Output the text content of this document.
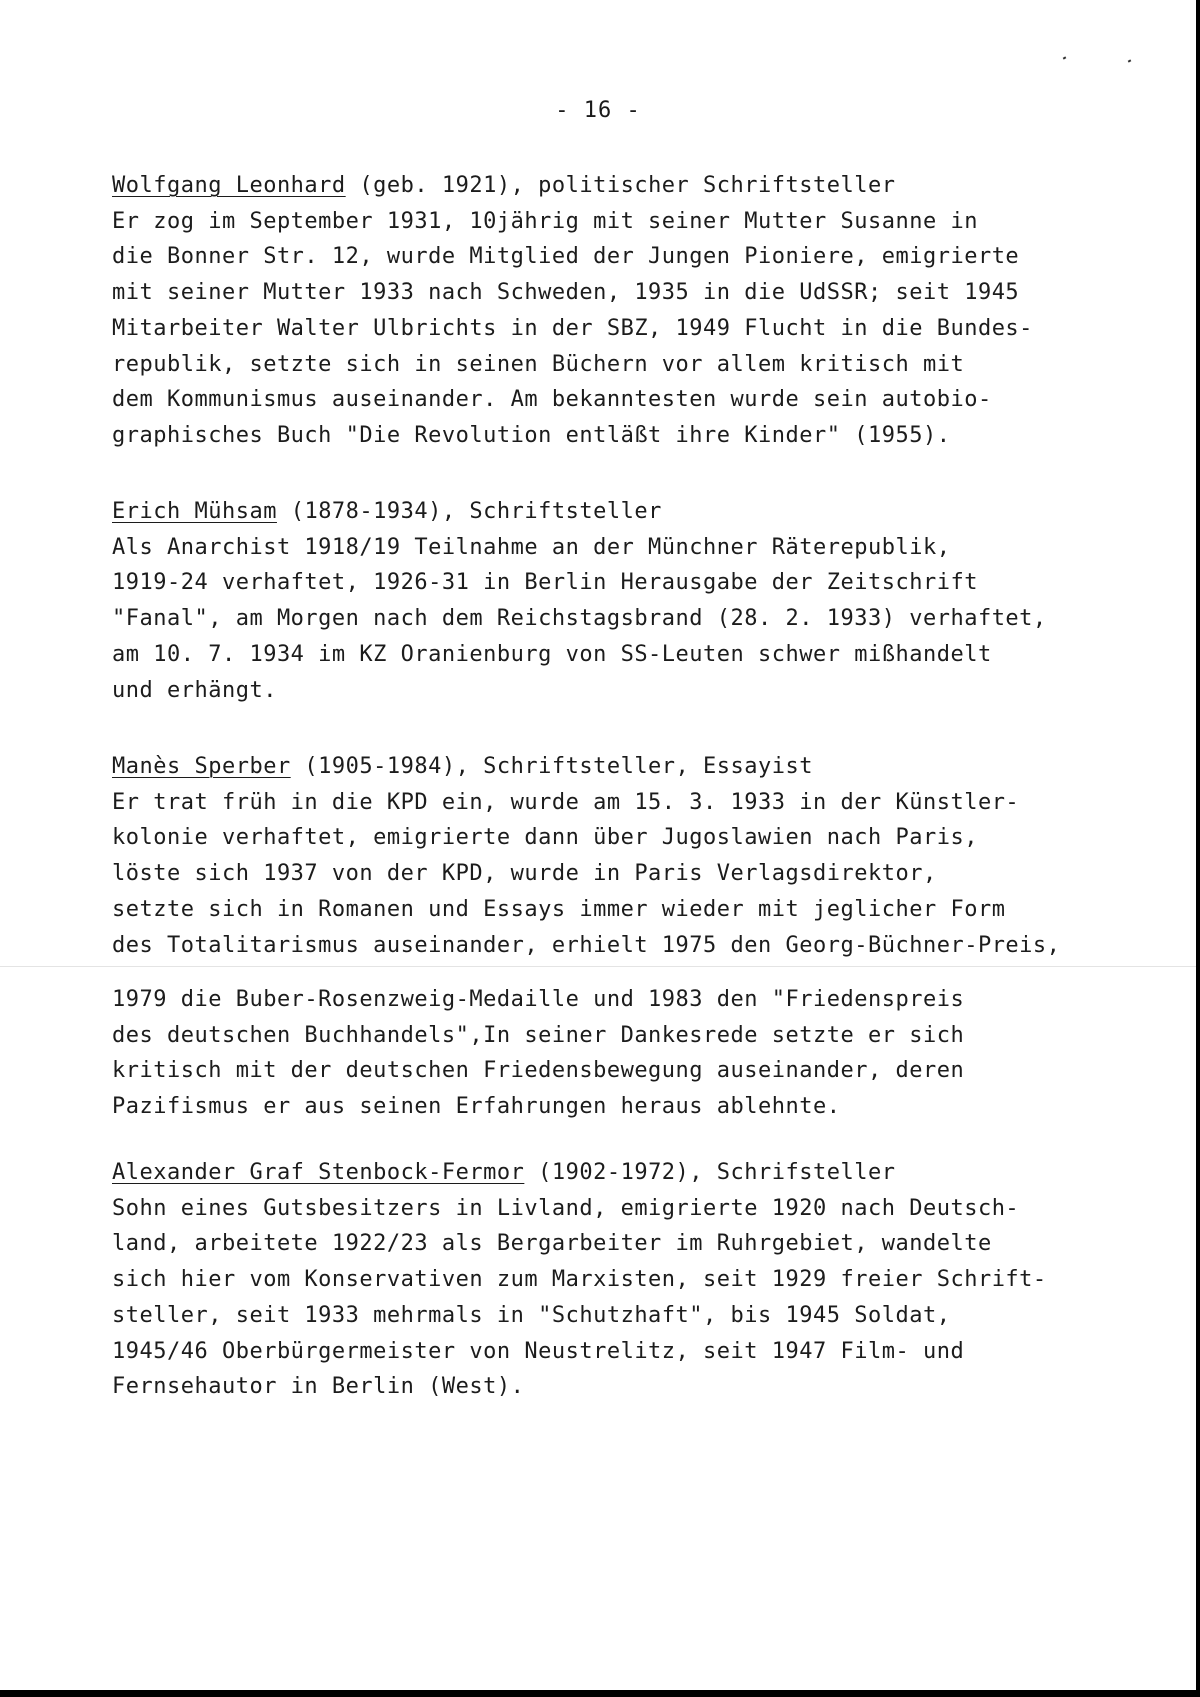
- 16 -
Wolfgang Leonhard (geb. 1921), politischer Schriftsteller
Er zog im September 1931, 10jährig mit seiner Mutter Susanne in
die Bonner Str. 12, wurde Mitglied der Jungen Pioniere, emigrierte
mit seiner Mutter 1933 nach Schweden, 1935 in die UdSSR; seit 1945
Mitarbeiter Walter Ulbrichts in der SBZ, 1949 Flucht in die Bundes-
republik, setzte sich in seinen Büchern vor allem kritisch mit
dem Kommunismus auseinander. Am bekanntesten wurde sein autobio-
graphisches Buch "Die Revolution entläßt ihre Kinder" (1955).
Erich Mühsam (1878-1934), Schriftsteller
Als Anarchist 1918/19 Teilnahme an der Münchner Räterepublik,
1919-24 verhaftet, 1926-31 in Berlin Herausgabe der Zeitschrift
"Fanal", am Morgen nach dem Reichstagsbrand (28. 2. 1933) verhaftet,
am 10. 7. 1934 im KZ Oranienburg von SS-Leuten schwer mißhandelt
und erhängt.
Manès Sperber (1905-1984), Schriftsteller, Essayist
Er trat früh in die KPD ein, wurde am 15. 3. 1933 in der Künstler-
kolonie verhaftet, emigrierte dann über Jugoslawien nach Paris,
löste sich 1937 von der KPD, wurde in Paris Verlagsdirektor,
setzte sich in Romanen und Essays immer wieder mit jeglicher Form
des Totalitarismus auseinander, erhielt 1975 den Georg-Büchner-Preis,
1979 die Buber-Rosenzweig-Medaille und 1983 den "Friedenspreis
des deutschen Buchhandels",In seiner Dankesrede setzte er sich
kritisch mit der deutschen Friedensbewegung auseinander, deren
Pazifismus er aus seinen Erfahrungen heraus ablehnte.
Alexander Graf Stenbock-Fermor (1902-1972), Schrifsteller
Sohn eines Gutsbesitzers in Livland, emigrierte 1920 nach Deutsch-
land, arbeitete 1922/23 als Bergarbeiter im Ruhrgebiet, wandelte
sich hier vom Konservativen zum Marxisten, seit 1929 freier Schrift-
steller, seit 1933 mehrmals in "Schutzhaft", bis 1945 Soldat,
1945/46 Oberbürgermeister von Neustrelitz, seit 1947 Film- und
Fernsehautor in Berlin (West).
